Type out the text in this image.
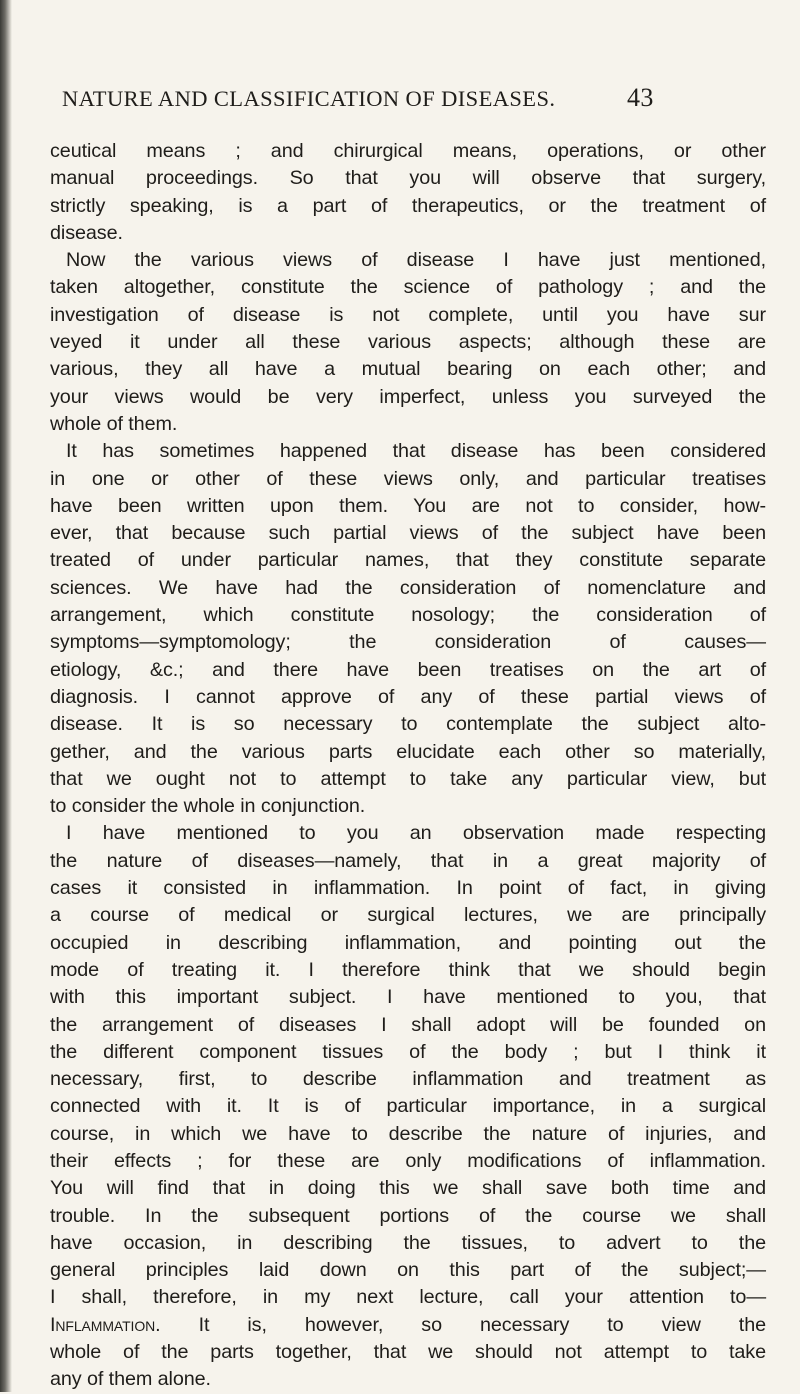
NATURE AND CLASSIFICATION OF DISEASES.	43
ceutical means ; and chirurgical means, operations, or other
manual proceedings. So that you will observe that surgery,
strictly speaking, is a part of therapeutics, or the treatment of
disease.
Now the various views of disease I have just mentioned,
taken altogether, constitute the science of pathology ; and the
investigation of disease is not complete, until you have sur
veyed it under all these various aspects; although these are
various, they all have a mutual bearing on each other; and
your views would be very imperfect, unless you surveyed the
whole of them.
It has sometimes happened that disease has been considered
in one or other of these views only, and particular treatises
have been written upon them. You are not to consider, how-
ever, that because such partial views of the subject have been
treated of under particular names, that they constitute separate
sciences. We have had the consideration of nomenclature and
arrangement, which constitute nosology; the consideration of
symptoms—symptomology; the consideration of causes—
etiology, &c.; and there have been treatises on the art of
diagnosis. I cannot approve of any of these partial views of
disease. It is so necessary to contemplate the subject alto-
gether, and the various parts elucidate each other so materially,
that we ought not to attempt to take any particular view, but
to consider the whole in conjunction.
I have mentioned to you an observation made respecting
the nature of diseases—namely, that in a great majority of
cases it consisted in inflammation. In point of fact, in giving
a course of medical or surgical lectures, we are principally
occupied in describing inflammation, and pointing out the
mode of treating it. I therefore think that we should begin
with this important subject. I have mentioned to you, that
the arrangement of diseases I shall adopt will be founded on
the different component tissues of the body ; but I think it
necessary, first, to describe inflammation and treatment as
connected with it. It is of particular importance, in a surgical
course, in which we have to describe the nature of injuries, and
their effects ; for these are only modifications of inflammation.
You will find that in doing this we shall save both time and
trouble. In the subsequent portions of the course we shall
have occasion, in describing the tissues, to advert to the
general principles laid down on this part of the subject;—
I shall, therefore, in my next lecture, call your attention to—
Inflammation. It is, however, so necessary to view the
whole of the parts together, that we should not attempt to take
any of them alone.
